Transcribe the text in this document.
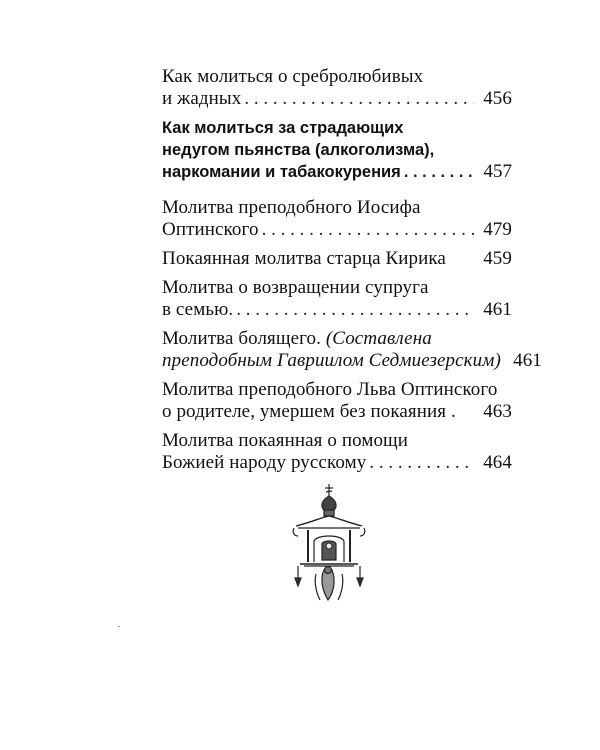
Как молиться о сребролюбивых
и жадных . . .	456
Как молиться за страдающих
недугом пьянства (алкоголизма),
наркомании и табакокурения . . .	457
Молитва преподобного Иосифа
Оптинского . . .	479
Покаянная молитва старца Кирика 459
Молитва о возвращении супруга
в семью. . . .	461
Молитва болящего. (Составлена
преподобным Гавриилом Седмиезерским) 461
Молитва преподобного Льва Оптинского
о родителе, умершем без покаяния . 463
Молитва покаянная о помощи
Божией народу русскому . . .	464
